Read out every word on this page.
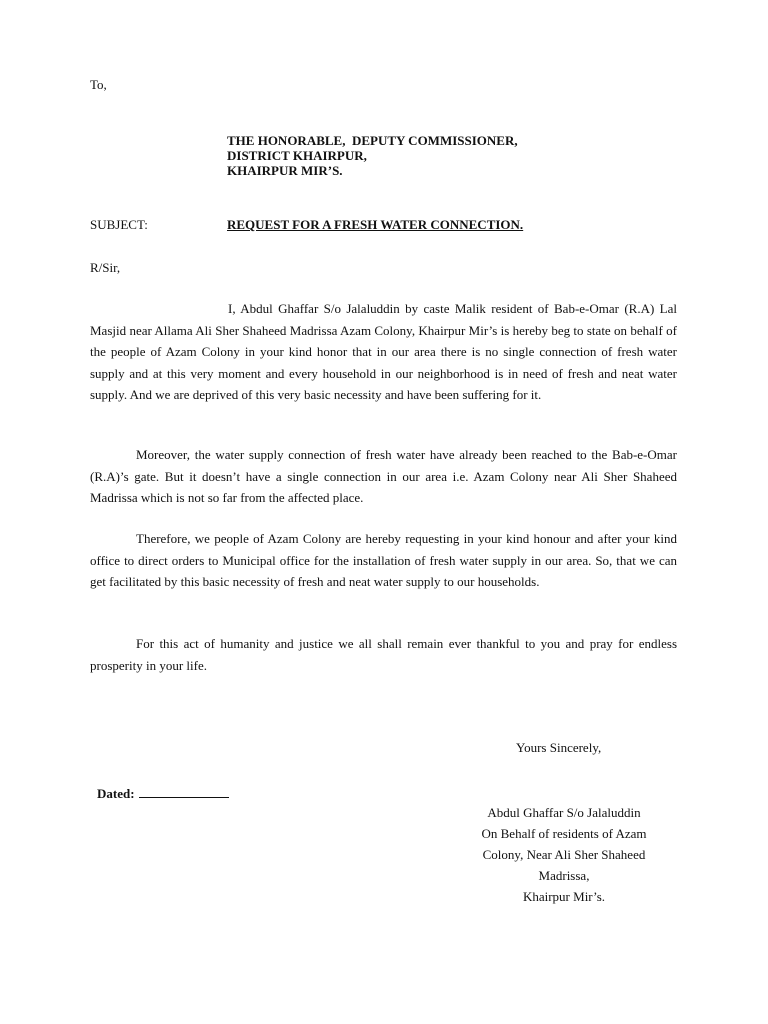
To,
THE HONORABLE,  DEPUTY COMMISSIONER,
DISTRICT KHAIRPUR,
KHAIRPUR MIR’S.
SUBJECT:	REQUEST FOR A FRESH WATER CONNECTION.
R/Sir,

I, Abdul Ghaffar S/o Jalaluddin by caste Malik resident of Bab-e-Omar (R.A) Lal Masjid near Allama Ali Sher Shaheed Madrissa Azam Colony, Khairpur Mir’s is hereby beg to state on behalf of the people of Azam Colony in your kind honor that in our area there is no single connection of fresh water supply and at this very moment and every household in our neighborhood is in need of fresh and neat water supply. And we are deprived of this very basic necessity and have been suffering for it.

Moreover, the water supply connection of fresh water have already been reached to the Bab-e-Omar (R.A)’s gate. But it doesn’t have a single connection in our area i.e. Azam Colony near Ali Sher Shaheed Madrissa which is not so far from the affected place.

Therefore, we people of Azam Colony are hereby requesting in your kind honour and after your kind office to direct orders to Municipal office for the installation of fresh water supply in our area. So, that we can get facilitated by this basic necessity of fresh and neat water supply to our households.

For this act of humanity and justice we all shall remain ever thankful to you and pray for endless prosperity in your life.

Yours Sincerely,
Dated:
Abdul Ghaffar S/o Jalaluddin
On Behalf of residents of Azam
Colony, Near Ali Sher Shaheed
Madrissa,
Khairpur Mir’s.
